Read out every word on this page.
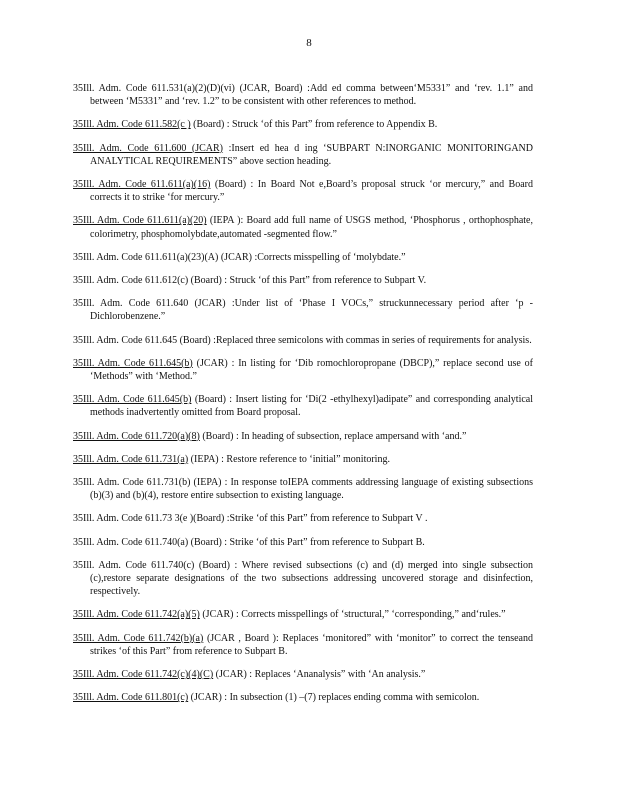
8

35Ill. Adm. Code 611.531(a)(2)(D)(vi) (JCAR, Board) :Add ed comma between‘M5331” and ‘rev. 1.1” and between ‘M5331” and ‘rev. 1.2” to be consistent with other references to method.

35Ill. Adm. Code 611.582(c ) (Board) : Struck ‘of this Part” from reference to Appendix B.

35Ill. Adm. Code 611.600 (JCAR) :Insert ed hea d ing ‘SUBPART N:INORGANIC MONITORINGAND ANALYTICAL REQUIREMENTS” above section heading.

35Ill. Adm. Code 611.611(a)(16) (Board) : In Board Not e,Board’s proposal struck ‘or mercury,” and Board corrects it to strike ‘for mercury.”

35Ill. Adm. Code 611.611(a)(20) (IEPA ): Board add full name of USGS method, ‘Phosphorus , orthophosphate, colorimetry, phosphomolybdate,automated -segmented flow.”

35Ill. Adm. Code 611.611(a)(23)(A) (JCAR) :Corrects misspelling of ‘molybdate.”

35Ill. Adm. Code 611.612(c) (Board) : Struck ‘of this Part” from reference to Subpart V.

35Ill. Adm. Code 611.640 (JCAR) :Under list of ‘Phase I VOCs,” struckunnecessary period after ‘p -Dichlorobenzene.”

35Ill. Adm. Code 611.645 (Board) :Replaced three semicolons with commas in series of requirements for analysis.

35Ill. Adm. Code 611.645(b) (JCAR) : In listing for ‘Dib romochloropropane (DBCP),” replace second use of ‘Methods” with ‘Method.”

35Ill. Adm. Code 611.645(b) (Board) : Insert listing for ‘Di(2 -ethylhexyl)adipate” and corresponding analytical methods inadvertently omitted from Board proposal.

35Ill. Adm. Code 611.720(a)(8) (Board) : In heading of subsection, replace ampersand with ‘and.”

35Ill. Adm. Code 611.731(a) (IEPA) : Restore reference to ‘initial” monitoring.

35Ill. Adm. Code 611.731(b) (IEPA) : In response toIEPA comments addressing language of existing subsections (b)(3) and (b)(4), restore entire subsection to existing language.

35Ill. Adm. Code 611.73 3(e )(Board) :Strike ‘of this Part” from reference to Subpart V .

35Ill. Adm. Code 611.740(a) (Board) : Strike ‘of this Part” from reference to Subpart B.

35Ill. Adm. Code 611.740(c) (Board) : Where revised subsections (c) and (d) merged into single subsection (c),restore separate designations of the two subsections addressing uncovered storage and disinfection, respectively.

35Ill. Adm. Code 611.742(a)(5) (JCAR) : Corrects misspellings of ‘structural,” ‘corresponding,” and‘rules.”

35Ill. Adm. Code 611.742(b)(a) (JCAR , Board ): Replaces ‘monitored” with ‘monitor” to correct the tenseand strikes ‘of this Part” from reference to Subpart B.

35Ill. Adm. Code 611.742(c)(4)(C) (JCAR) : Replaces ‘Ananalysis” with ‘An analysis.”

35Ill. Adm. Code 611.801(c) (JCAR) : In subsection (1) –(7) replaces ending comma with semicolon.
